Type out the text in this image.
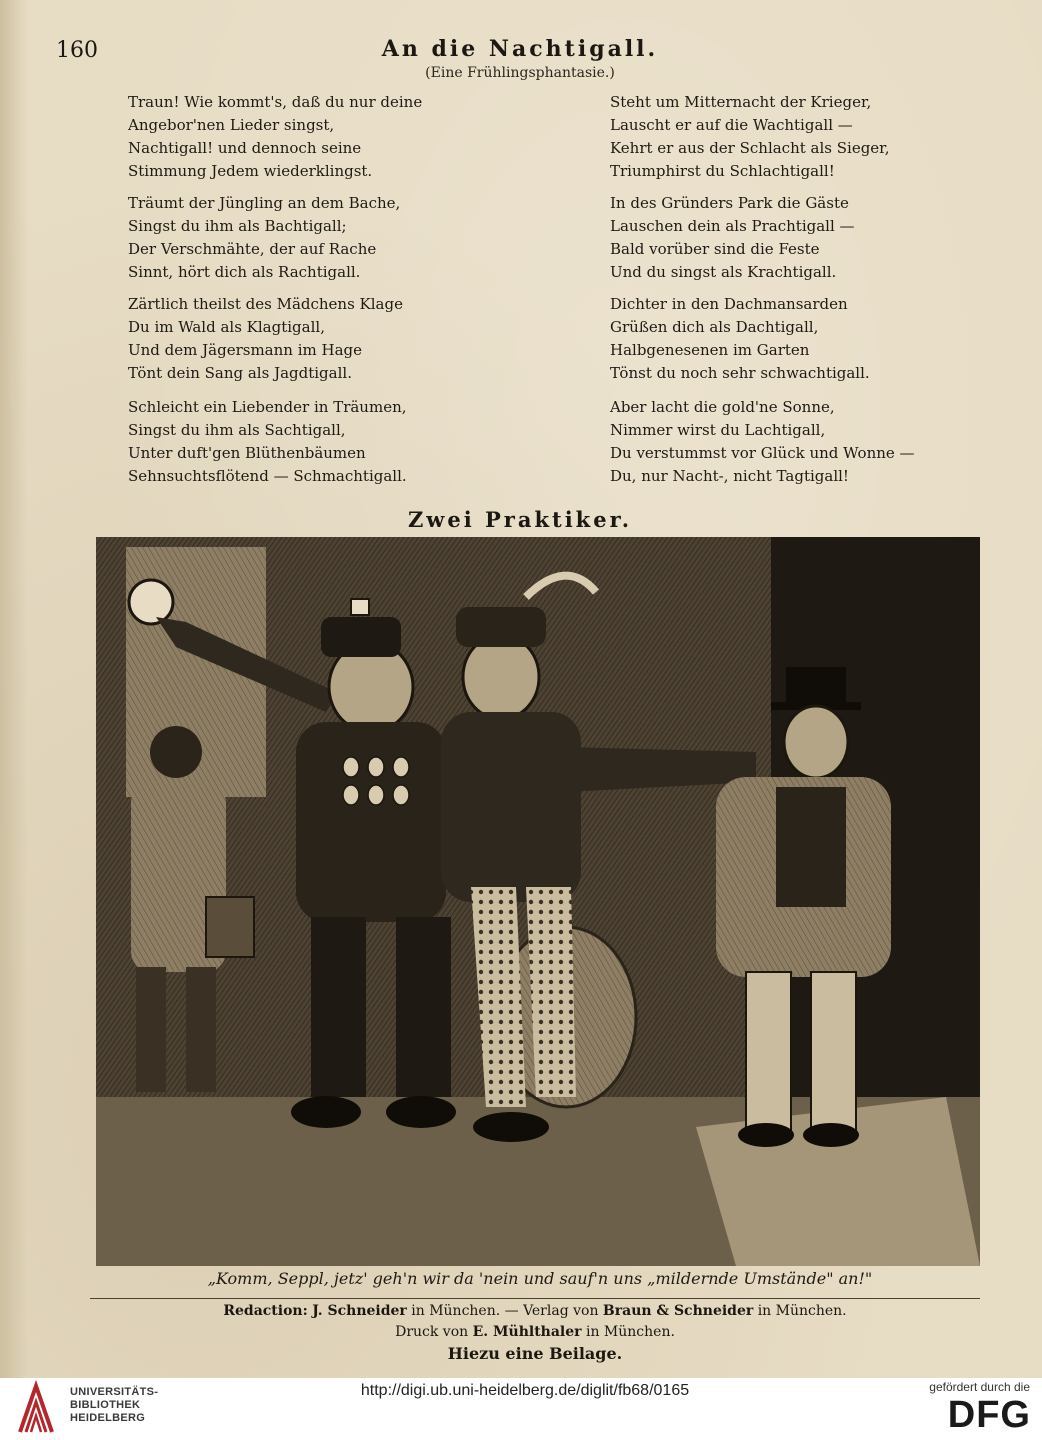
160	An die Nachtigall.
(Eine Frühlingsphantasie.)
Traun! Wie kommt's, daß du nur deine
Angebor'nen Lieder singst,
Nachtigall! und dennoch seine
Stimmung Jedem wiederklingst.
Träumt der Jüngling an dem Bache,
Singst du ihm als Bachtigall;
Der Verschmähte, der auf Rache
Sinnt, hört dich als Rachtigall.
Zärtlich theilst des Mädchens Klage
Du im Wald als Klagtigall,
Und dem Jägersmann im Hage
Tönt dein Sang als Jagdtigall.
Schleicht ein Liebender in Träumen,
Singst du ihm als Sachtigall,
Unter duft'gen Blüthenbäumen
Sehnsuchtsflötend — Schmachtigall.
Steht um Mitternacht der Krieger,
Lauscht er auf die Wachtigall —
Kehrt er aus der Schlacht als Sieger,
Triumphirst du Schlachtigall!
In des Gründers Park die Gäste
Lauschen dein als Prachtigall —
Bald vorüber sind die Feste
Und du singst als Krachtigall.
Dichter in den Dachmansarden
Grüßen dich als Dachtigall,
Halbgenesenen im Garten
Tönst du noch sehr schwachtigall.
Aber lacht die gold'ne Sonne,
Nimmer wirst du Lachtigall,
Du verstummst vor Glück und Wonne —
Du, nur Nacht-, nicht Tagtigall!
Zwei Praktiker.
„Komm, Seppl, jetz' geh'n wir da 'nein und sauf'n uns „mildernde Umstände" an!"
Redaction: J. Schneider in München. — Verlag von Braun & Schneider in München.
Druck von E. Mühlthaler in München.
Hiezu eine Beilage.
UNIVERSITÄTS-
BIBLIOTHEK
HEIDELBERG
http://digi.ub.uni-heidelberg.de/diglit/fb68/0165	gefördert durch die
DFG
